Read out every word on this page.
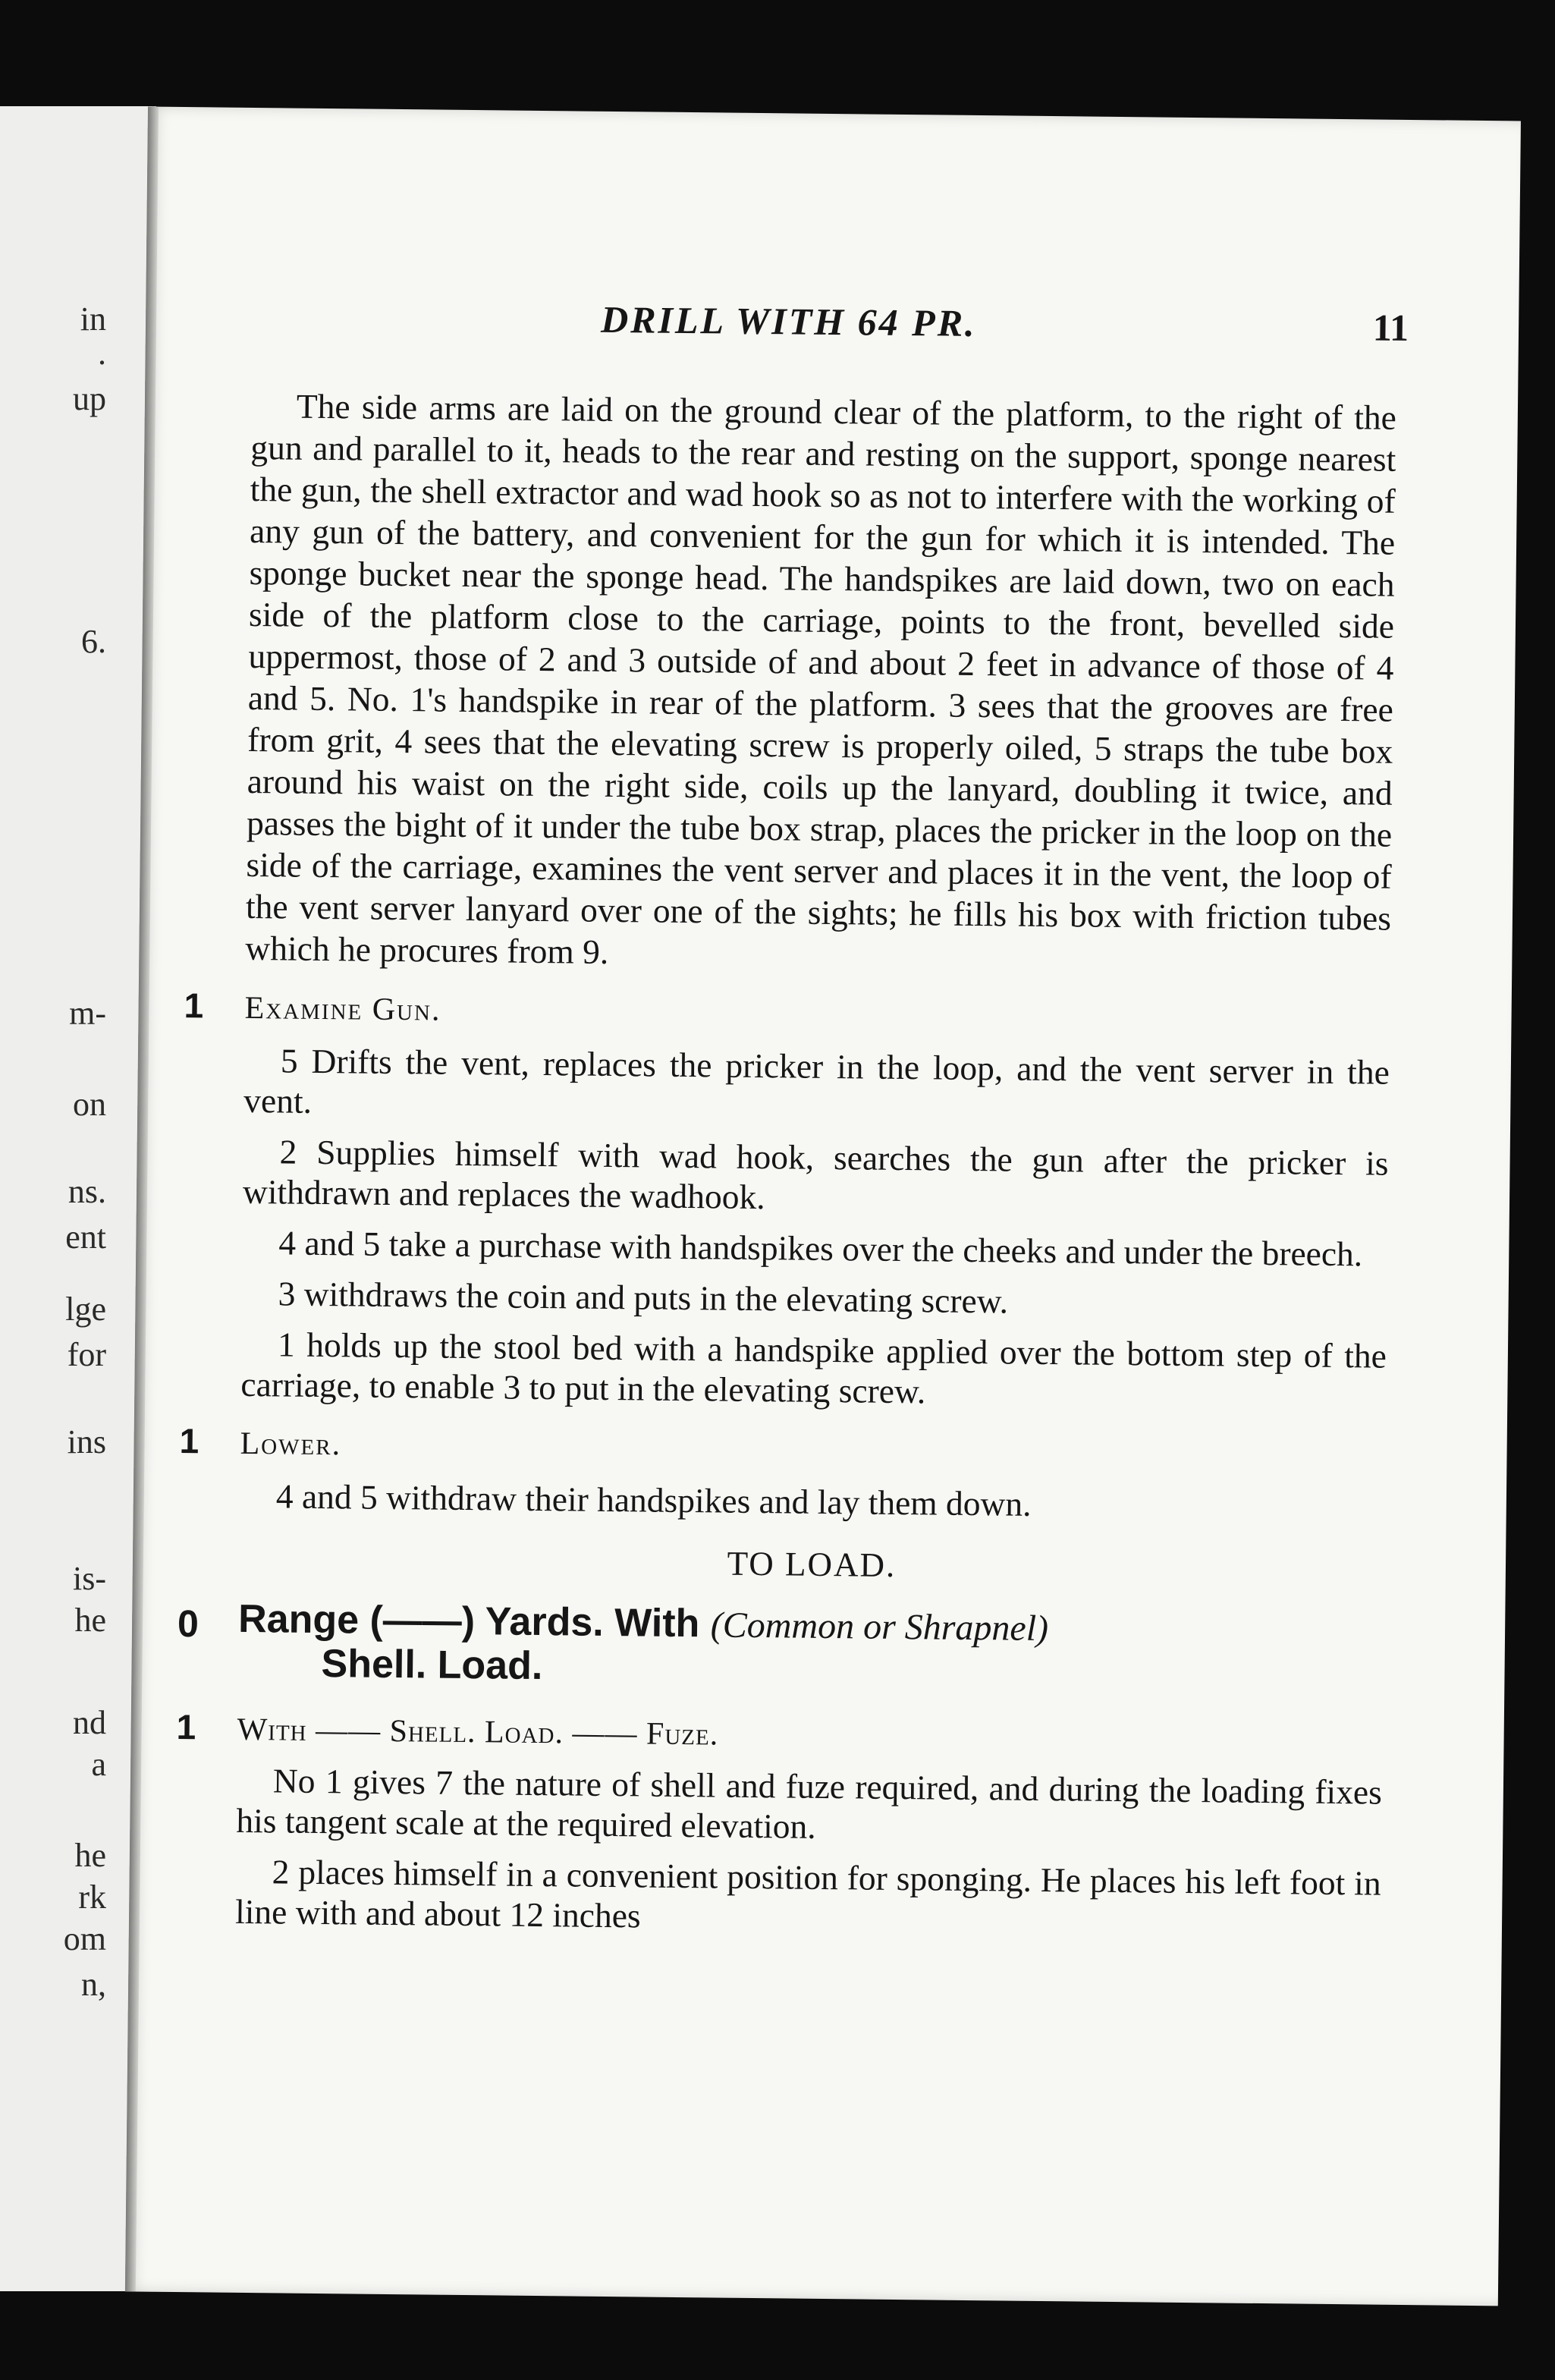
in
.
up
6.
m-
on
ns.
ent
lge
for
ins
is-
he
nd
a
he
rk
om
n,
DRILL WITH 64 PR.	11

The side arms are laid on the ground clear of the platform, to the right of the gun and parallel to it, heads to the rear and resting on the support, sponge nearest the gun, the shell extractor and wad hook so as not to interfere with the working of any gun of the battery, and convenient for the gun for which it is intended. The sponge bucket near the sponge head. The handspikes are laid down, two on each side of the platform close to the carriage, points to the front, bevelled side uppermost, those of 2 and 3 outside of and about 2 feet in advance of those of 4 and 5. No. 1's handspike in rear of the platform. 3 sees that the grooves are free from grit, 4 sees that the elevating screw is properly oiled, 5 straps the tube box around his waist on the right side, coils up the lanyard, doubling it twice, and passes the bight of it under the tube box strap, places the pricker in the loop on the side of the carriage, examines the vent server and places it in the vent, the loop of the vent server lanyard over one of the sights; he fills his box with friction tubes which he procures from 9.

1	Examine Gun.

5 Drifts the vent, replaces the pricker in the loop, and the vent server in the vent.

2 Supplies himself with wad hook, searches the gun after the pricker is withdrawn and replaces the wadhook.

4 and 5 take a purchase with handspikes over the cheeks and under the breech.

3 withdraws the coin and puts in the elevating screw.

1 holds up the stool bed with a handspike applied over the bottom step of the carriage, to enable 3 to put in the elevating screw.

1	Lower.

4 and 5 withdraw their handspikes and lay them down.

TO LOAD.
0 Range (——) Yards. With (Common or Shrapnel)
Shell. Load.
1	With —— Shell. Load. —— Fuze.

No 1 gives 7 the nature of shell and fuze required, and during the loading fixes his tangent scale at the required elevation.

2 places himself in a convenient position for sponging. He places his left foot in line with and about 12 inches
